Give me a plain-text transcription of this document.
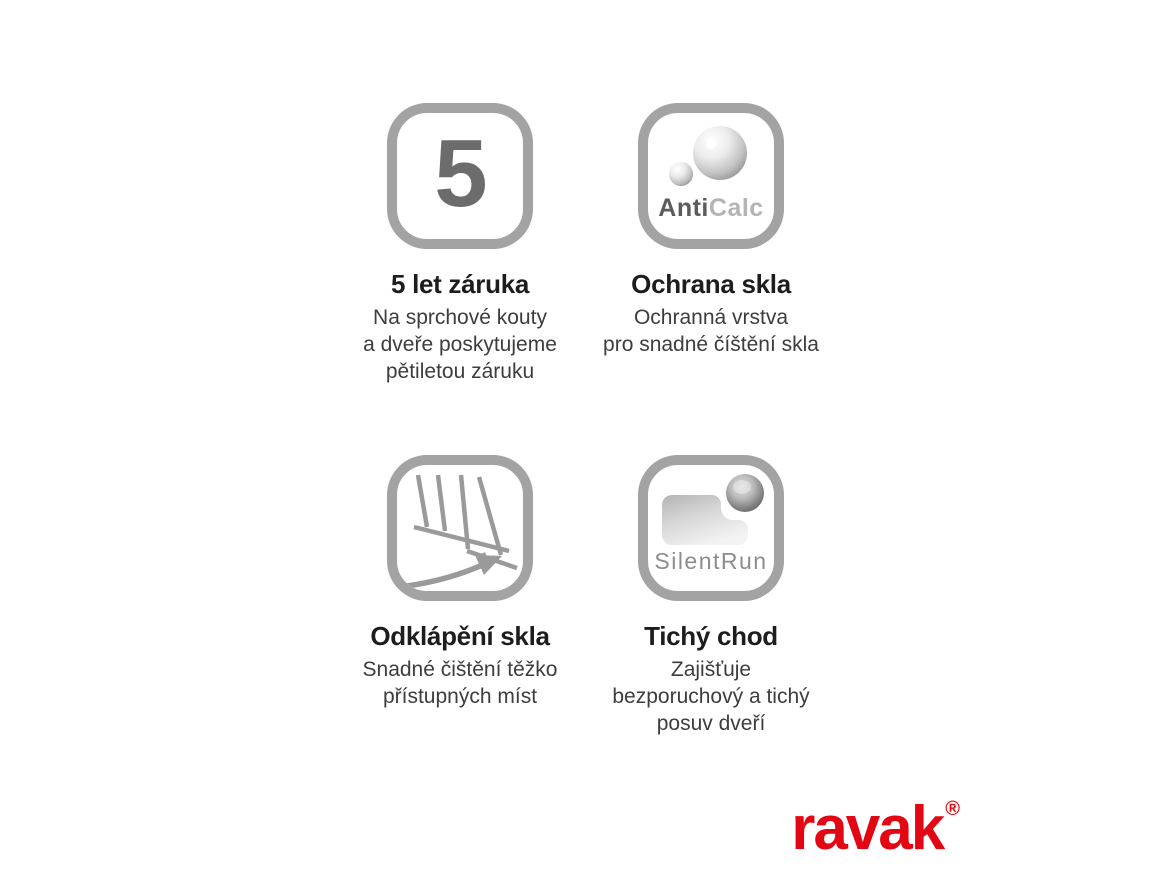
5
5 let záruka
Na sprchové kouty
a dveře poskytujeme
pětiletou záruku
AntiCalc
Ochrana skla
Ochranná vrstva
pro snadné číštění skla
Odklápění skla
Snadné čištění těžko
přístupných míst
SilentRun
Tichý chod
Zajišťuje
bezporuchový a tichý
posuv dveří
ravak ®
